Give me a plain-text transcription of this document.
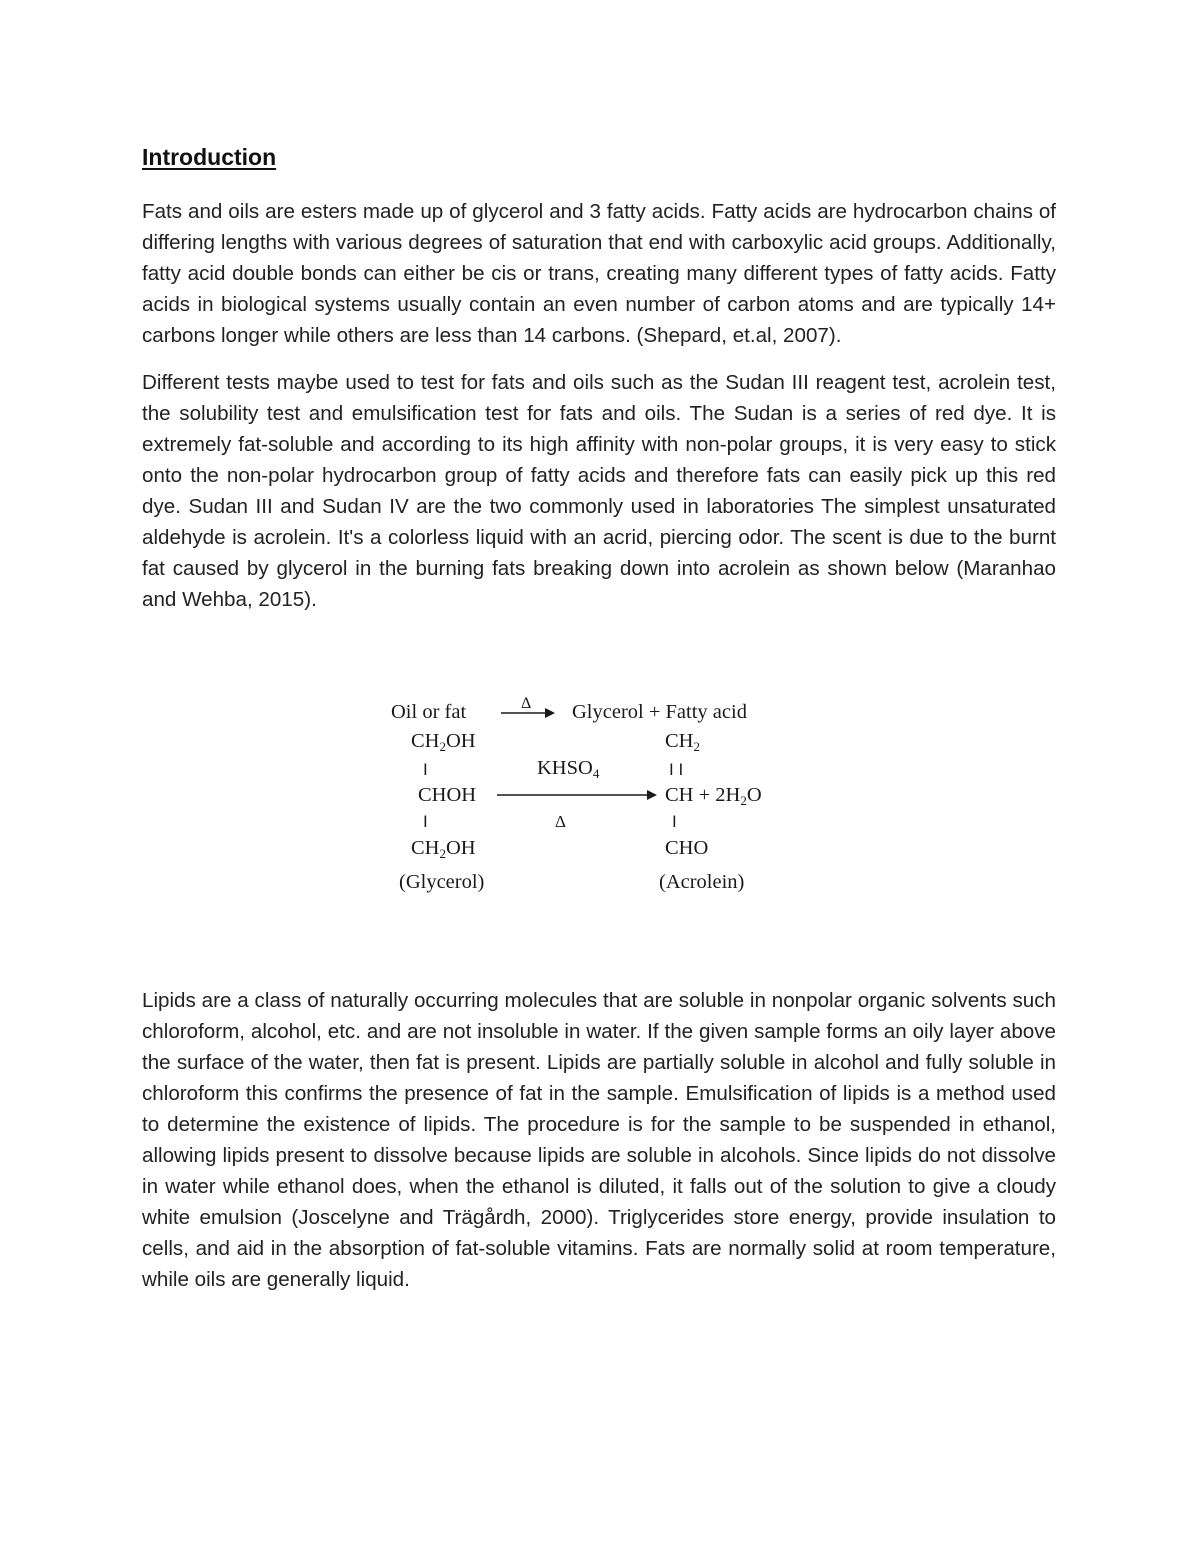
Introduction

Fats and oils are esters made up of glycerol and 3 fatty acids. Fatty acids are hydrocarbon chains of differing lengths with various degrees of saturation that end with carboxylic acid groups. Additionally, fatty acid double bonds can either be cis or trans, creating many different types of fatty acids. Fatty acids in biological systems usually contain an even number of carbon atoms and are typically 14+ carbons longer while others are less than 14 carbons. (Shepard, et.al, 2007).

Different tests maybe used to test for fats and oils such as the Sudan III reagent test, acrolein test, the solubility test and emulsification test for fats and oils. The Sudan is a series of red dye. It is extremely fat-soluble and according to its high affinity with non-polar groups, it is very easy to stick onto the non-polar hydrocarbon group of fatty acids and therefore fats can easily pick up this red dye. Sudan III and Sudan IV are the two commonly used in laboratories The simplest unsaturated aldehyde is acrolein. It's a colorless liquid with an acrid, piercing odor. The scent is due to the burnt fat caused by glycerol in the burning fats breaking down into acrolein as shown below (Maranhao and Wehba, 2015).

Oil or fat	Δ Glycerol + Fatty acid
$CH_2OH$
I
CHOH
I
$CH_2OH$
(Glycerol)
$KHSO_4$
Δ
$CH_2$
I I
CH + $2H_2O$
I
CHO
(Acrolein)

Lipids are a class of naturally occurring molecules that are soluble in nonpolar organic solvents such chloroform, alcohol, etc. and are not insoluble in water. If the given sample forms an oily layer above the surface of the water, then fat is present. Lipids are partially soluble in alcohol and fully soluble in chloroform this confirms the presence of fat in the sample. Emulsification of lipids is a method used to determine the existence of lipids. The procedure is for the sample to be suspended in ethanol, allowing lipids present to dissolve because lipids are soluble in alcohols. Since lipids do not dissolve in water while ethanol does, when the ethanol is diluted, it falls out of the solution to give a cloudy white emulsion (Joscelyne and Trägårdh, 2000). Triglycerides store energy, provide insulation to cells, and aid in the absorption of fat-soluble vitamins. Fats are normally solid at room temperature, while oils are generally liquid.
